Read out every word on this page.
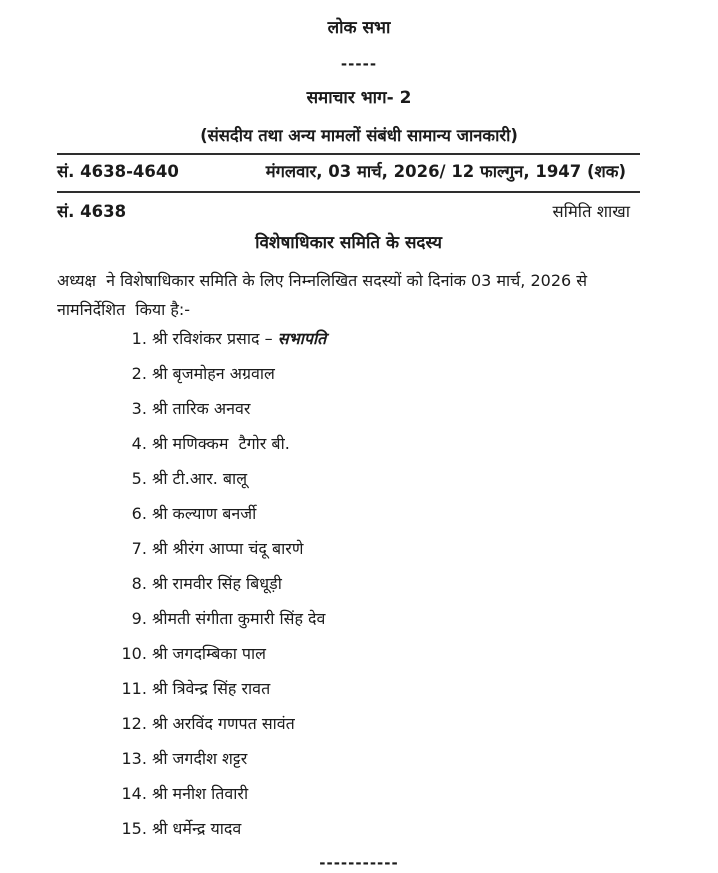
लोक सभा
-----
समाचार भाग- 2
(संसदीय तथा अन्य मामलों संबंधी सामान्य जानकारी)
सं. 4638-4640	मंगलवार, 03 मार्च, 2026/ 12 फाल्गुन, 1947 (शक)
सं. 4638	समिति शाखा
विशेषाधिकार समिति के सदस्य
अध्यक्ष  ने विशेषाधिकार समिति के लिए निम्नलिखित सदस्यों को दिनांक 03 मार्च, 2026 से
नामनिर्देशित  किया है:-
1. श्री रविशंकर प्रसाद – सभापति
2. श्री बृजमोहन अग्रवाल
3. श्री तारिक अनवर
4. श्री मणिक्कम  टैगोर बी.
5. श्री टी.आर. बालू
6. श्री कल्याण बनर्जी
7. श्री श्रीरंग आप्पा चंदू बारणे
8. श्री रामवीर सिंह बिधूड़ी
9. श्रीमती संगीता कुमारी सिंह देव
10. श्री जगदम्बिका पाल
11. श्री त्रिवेन्द्र सिंह रावत
12. श्री अरविंद गणपत सावंत
13. श्री जगदीश शट्टर
14. श्री मनीश तिवारी
15. श्री धर्मेन्द्र यादव
-----------
